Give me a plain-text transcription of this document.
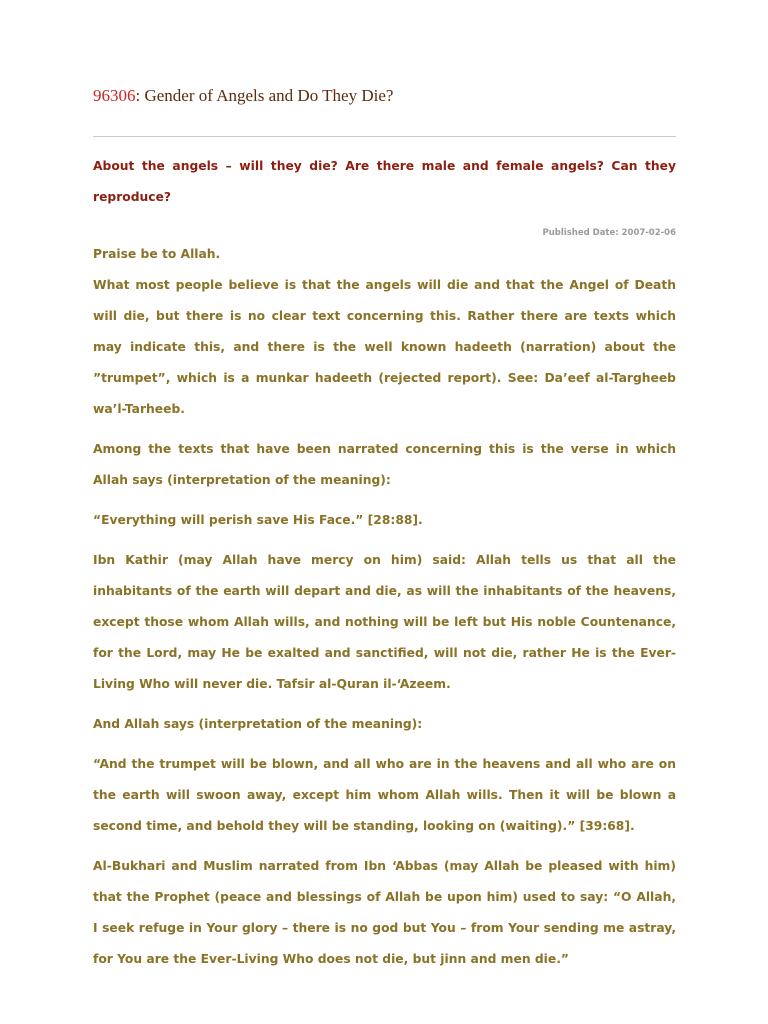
96306: Gender of Angels and Do They Die?

About the angels – will they die? Are there male and female angels? Can they reproduce?

Published Date: 2007-02-06

Praise be to Allah.

What most people believe is that the angels will die and that the Angel of Death will die, but there is no clear text concerning this. Rather there are texts which may indicate this, and there is the well known hadeeth (narration) about the ”trumpet”, which is a munkar hadeeth (rejected report). See: Da’eef al-Targheeb wa’l-Tarheeb.

Among the texts that have been narrated concerning this is the verse in which Allah says (interpretation of the meaning):

“Everything will perish save His Face.” [28:88].

Ibn Kathir (may Allah have mercy on him) said: Allah tells us that all the inhabitants of the earth will depart and die, as will the inhabitants of the heavens, except those whom Allah wills, and nothing will be left but His noble Countenance, for the Lord, may He be exalted and sanctified, will not die, rather He is the Ever-Living Who will never die. Tafsir al-Quran il-‘Azeem.

And Allah says (interpretation of the meaning):

“And the trumpet will be blown, and all who are in the heavens and all who are on the earth will swoon away, except him whom Allah wills. Then it will be blown a second time, and behold they will be standing, looking on (waiting).” [39:68].

Al-Bukhari and Muslim narrated from Ibn ‘Abbas (may Allah be pleased with him) that the Prophet (peace and blessings of Allah be upon him) used to say: “O Allah, I seek refuge in Your glory – there is no god but You – from Your sending me astray, for You are the Ever-Living Who does not die, but jinn and men die.”
